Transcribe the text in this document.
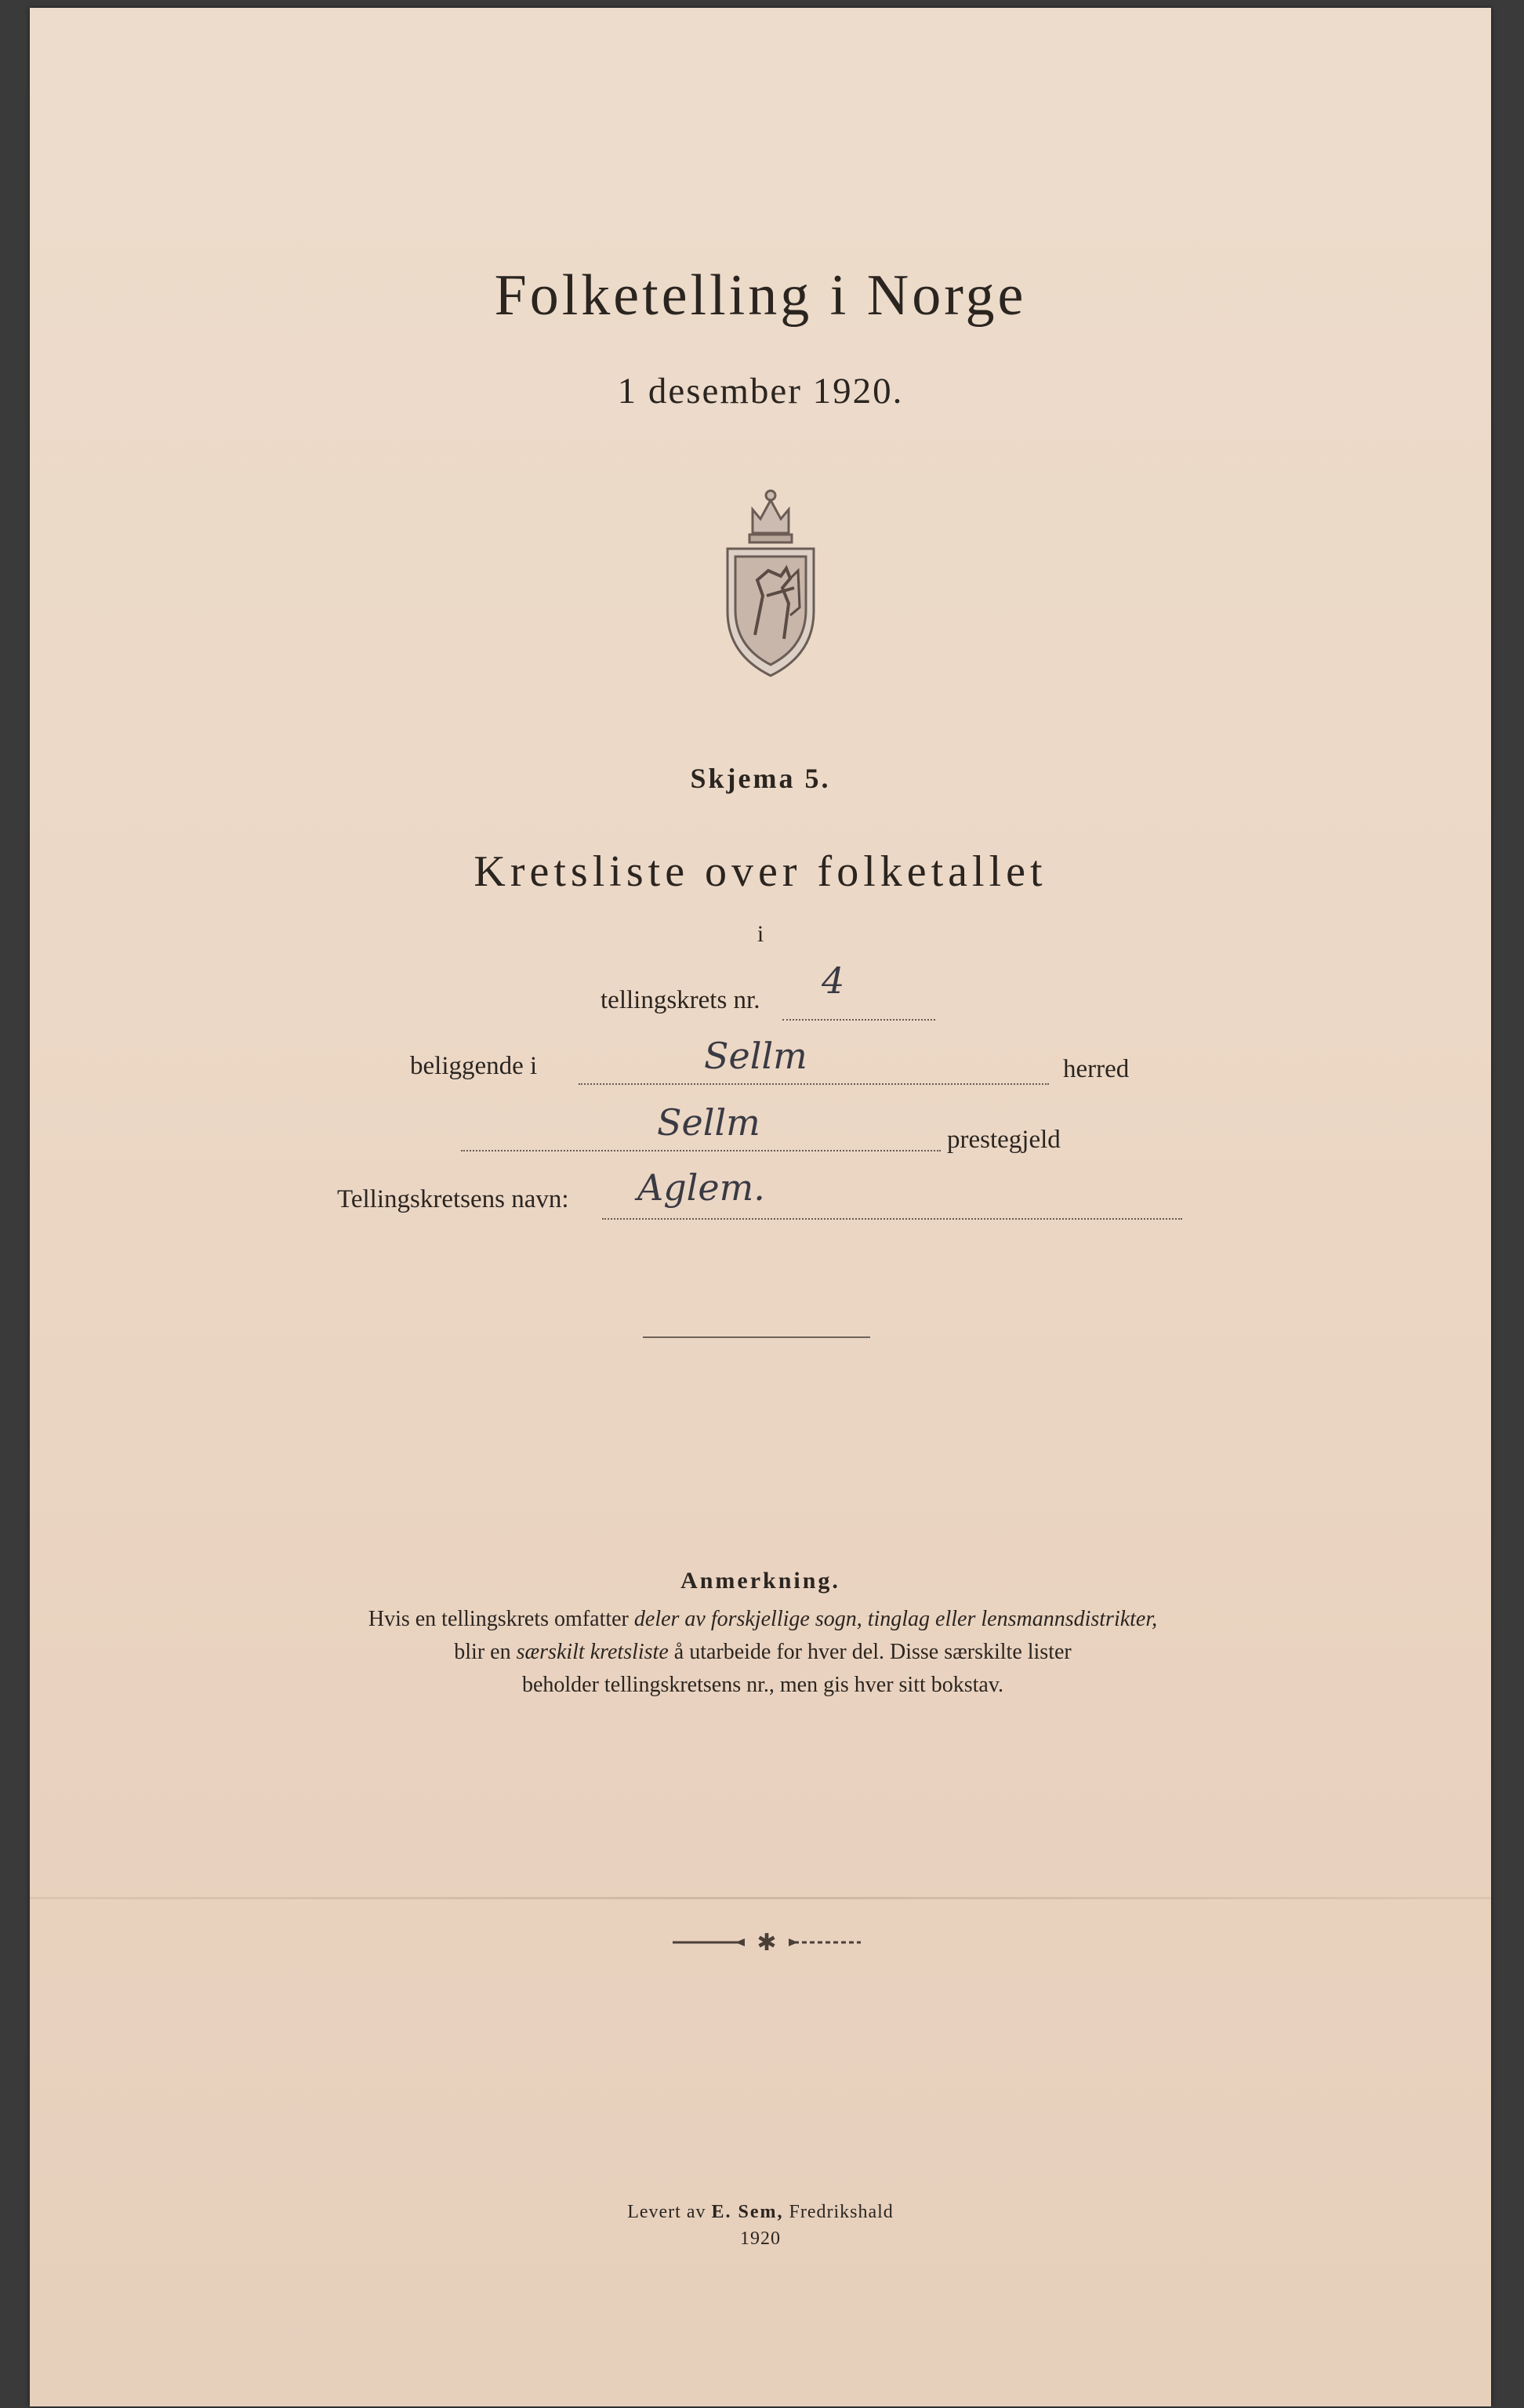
Folketelling i Norge
1 desember 1920.
Skjema 5.
Kretsliste over folketallet
i
tellingskrets nr. 4
beliggende i	Sellm	herred
Sellm	prestegjeld
Tellingskretsens navn: Aglem.
Anmerkning.
Hvis en tellingskrets omfatter deler av forskjellige sogn, tinglag eller lensmannsdistrikter,
blir en særskilt kretsliste å utarbeide for hver del. Disse særskilte lister
beholder tellingskretsens nr., men gis hver sitt bokstav.
✱
Levert av E. Sem, Fredrikshald
1920
